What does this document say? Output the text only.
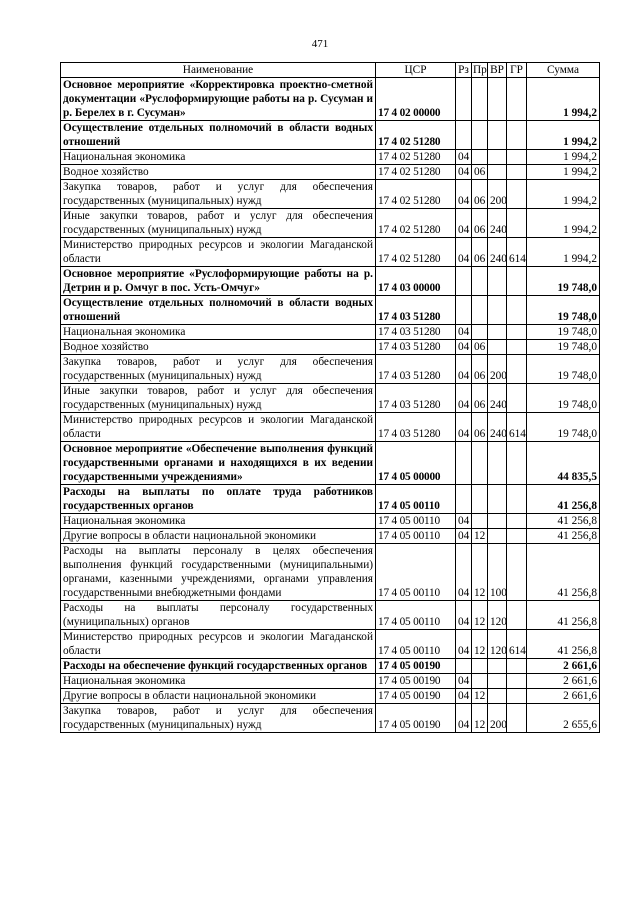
471
Наименование	ЦСР	Рз	Пр	ВР	ГР	Сумма
Основное мероприятие «Корректировка проектно-сметной документации «Руслоформирующие работы на р. Сусуман и р. Берелех в г. Сусуман»	17 4 02 00000					1 994,2
Осуществление отдельных полномочий в области водных отношений	17 4 02 51280					1 994,2
Национальная экономика	17 4 02 51280	04				1 994,2
Водное хозяйство	17 4 02 51280	04	06			1 994,2
Закупка товаров, работ и услуг для обеспечения государственных (муниципальных) нужд	17 4 02 51280	04	06	200		1 994,2
Иные закупки товаров, работ и услуг для обеспечения государственных (муниципальных) нужд	17 4 02 51280	04	06	240		1 994,2
Министерство природных ресурсов и экологии Магаданской области	17 4 02 51280	04	06	240	614	1 994,2
Основное мероприятие «Руслоформирующие работы на р. Детрин и р. Омчуг в пос. Усть-Омчуг»	17 4 03 00000					19 748,0
Осуществление отдельных полномочий в области водных отношений	17 4 03 51280					19 748,0
Национальная экономика	17 4 03 51280	04				19 748,0
Водное хозяйство	17 4 03 51280	04	06			19 748,0
Закупка товаров, работ и услуг для обеспечения государственных (муниципальных) нужд	17 4 03 51280	04	06	200		19 748,0
Иные закупки товаров, работ и услуг для обеспечения государственных (муниципальных) нужд	17 4 03 51280	04	06	240		19 748,0
Министерство природных ресурсов и экологии Магаданской области	17 4 03 51280	04	06	240	614	19 748,0
Основное мероприятие «Обеспечение выполнения функций государственными органами и находящихся в их ведении государственными учреждениями»	17 4 05 00000					44 835,5
Расходы на выплаты по оплате труда работников государственных органов	17 4 05 00110					41 256,8
Национальная экономика	17 4 05 00110	04				41 256,8
Другие вопросы в области национальной экономики	17 4 05 00110	04	12			41 256,8
Расходы на выплаты персоналу в целях обеспечения выполнения функций государственными (муниципальными) органами, казенными учреждениями, органами управления государственными внебюджетными фондами	17 4 05 00110	04	12	100		41 256,8
Расходы на выплаты персоналу государственных (муниципальных) органов	17 4 05 00110	04	12	120		41 256,8
Министерство природных ресурсов и экологии Магаданской области	17 4 05 00110	04	12	120	614	41 256,8
Расходы на обеспечение функций государственных органов	17 4 05 00190					2 661,6
Национальная экономика	17 4 05 00190	04				2 661,6
Другие вопросы в области национальной экономики	17 4 05 00190	04	12			2 661,6
Закупка товаров, работ и услуг для обеспечения государственных (муниципальных) нужд	17 4 05 00190	04	12	200		2 655,6
